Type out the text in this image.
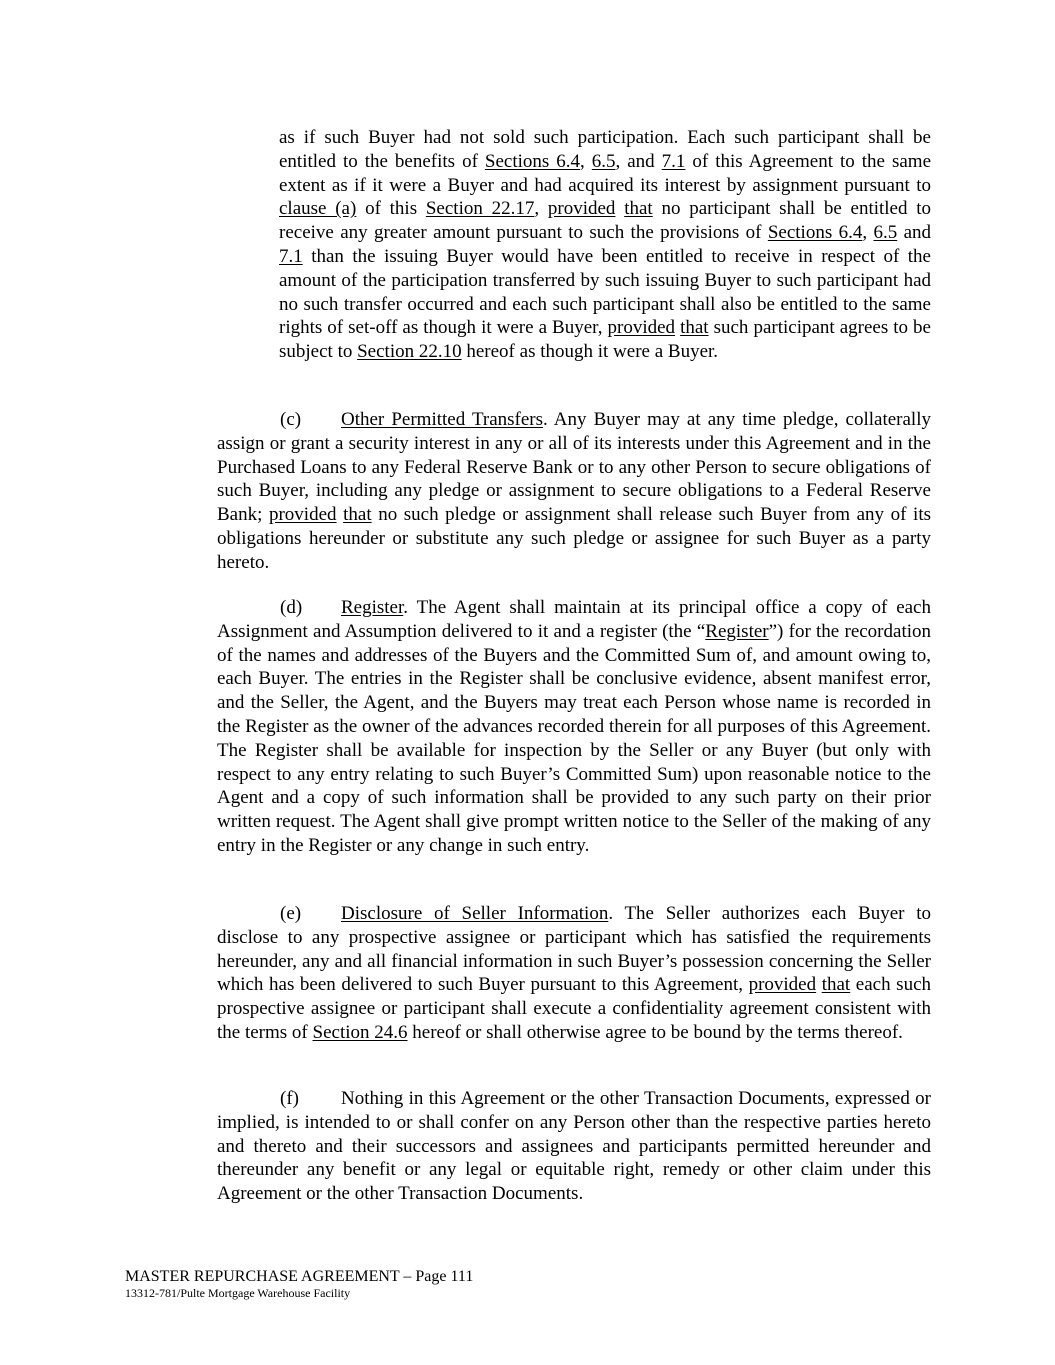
as if such Buyer had not sold such participation. Each such participant shall be entitled to the benefits of Sections 6.4, 6.5, and 7.1 of this Agreement to the same extent as if it were a Buyer and had acquired its interest by assignment pursuant to clause (a) of this Section 22.17, provided that no participant shall be entitled to receive any greater amount pursuant to such the provisions of Sections 6.4, 6.5 and 7.1 than the issuing Buyer would have been entitled to receive in respect of the amount of the participation transferred by such issuing Buyer to such participant had no such transfer occurred and each such participant shall also be entitled to the same rights of set-off as though it were a Buyer, provided that such participant agrees to be subject to Section 22.10 hereof as though it were a Buyer.

(c) Other Permitted Transfers. Any Buyer may at any time pledge, collaterally assign or grant a security interest in any or all of its interests under this Agreement and in the Purchased Loans to any Federal Reserve Bank or to any other Person to secure obligations of such Buyer, including any pledge or assignment to secure obligations to a Federal Reserve Bank; provided that no such pledge or assignment shall release such Buyer from any of its obligations hereunder or substitute any such pledge or assignee for such Buyer as a party hereto.

(d) Register. The Agent shall maintain at its principal office a copy of each Assignment and Assumption delivered to it and a register (the “Register”) for the recordation of the names and addresses of the Buyers and the Committed Sum of, and amount owing to, each Buyer. The entries in the Register shall be conclusive evidence, absent manifest error, and the Seller, the Agent, and the Buyers may treat each Person whose name is recorded in the Register as the owner of the advances recorded therein for all purposes of this Agreement. The Register shall be available for inspection by the Seller or any Buyer (but only with respect to any entry relating to such Buyer’s Committed Sum) upon reasonable notice to the Agent and a copy of such information shall be provided to any such party on their prior written request. The Agent shall give prompt written notice to the Seller of the making of any entry in the Register or any change in such entry.

(e) Disclosure of Seller Information. The Seller authorizes each Buyer to disclose to any prospective assignee or participant which has satisfied the requirements hereunder, any and all financial information in such Buyer’s possession concerning the Seller which has been delivered to such Buyer pursuant to this Agreement, provided that each such prospective assignee or participant shall execute a confidentiality agreement consistent with the terms of Section 24.6 hereof or shall otherwise agree to be bound by the terms thereof.

(f) Nothing in this Agreement or the other Transaction Documents, expressed or implied, is intended to or shall confer on any Person other than the respective parties hereto and thereto and their successors and assignees and participants permitted hereunder and thereunder any benefit or any legal or equitable right, remedy or other claim under this Agreement or the other Transaction Documents.

MASTER REPURCHASE AGREEMENT – Page 111
13312-781/Pulte Mortgage Warehouse Facility
